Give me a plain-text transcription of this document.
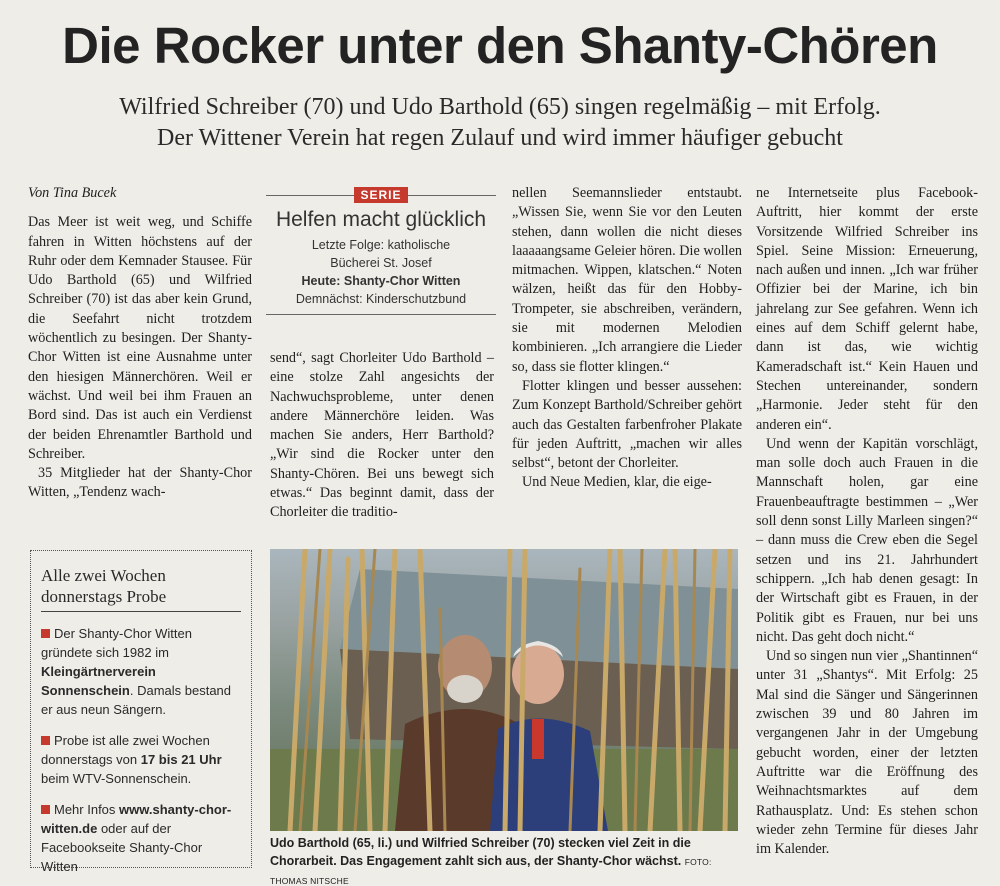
Die Rocker unter den Shanty-Chören
Wilfried Schreiber (70) und Udo Barthold (65) singen regelmäßig – mit Erfolg.
Der Wittener Verein hat regen Zulauf und wird immer häufiger gebucht

Von Tina Bucek

Das Meer ist weit weg, und Schiffe fahren in Witten höchstens auf der Ruhr oder dem Kemnader Stausee. Für Udo Barthold (65) und Wilfried Schreiber (70) ist das aber kein Grund, die Seefahrt nicht trotzdem wöchentlich zu besingen. Der Shanty-Chor Witten ist eine Ausnahme unter den hiesigen Männerchören. Weil er wächst. Und weil bei ihm Frauen an Bord sind. Das ist auch ein Verdienst der beiden Ehrenamtler Barthold und Schreiber.

35 Mitglieder hat der Shanty-Chor Witten, „Tendenz wach-

SERIE
Helfen macht glücklich
Letzte Folge: katholische Bücherei St. Josef
Heute: Shanty-Chor Witten
Demnächst: Kinderschutzbund

send“, sagt Chorleiter Udo Barthold – eine stolze Zahl angesichts der Nachwuchsprobleme, unter denen andere Männerchöre leiden. Was machen Sie anders, Herr Barthold? „Wir sind die Rocker unter den Shanty-Chören. Bei uns bewegt sich etwas.“ Das beginnt damit, dass der Chorleiter die traditio-

nellen Seemannslieder entstaubt. „Wissen Sie, wenn Sie vor den Leuten stehen, dann wollen die nicht dieses laaaaangsame Geleier hören. Die wollen mitmachen. Wippen, klatschen.“ Noten wälzen, heißt das für den Hobby-Trompeter, sie abschreiben, verändern, sie mit modernen Melodien kombinieren. „Ich arrangiere die Lieder so, dass sie flotter klingen.“

Flotter klingen und besser aussehen: Zum Konzept Barthold/Schreiber gehört auch das Gestalten farbenfroher Plakate für jeden Auftritt, „machen wir alles selbst“, betont der Chorleiter.

Und Neue Medien, klar, die eige-

ne Internetseite plus Facebook-Auftritt, hier kommt der erste Vorsitzende Wilfried Schreiber ins Spiel. Seine Mission: Erneuerung, nach außen und innen. „Ich war früher Offizier bei der Marine, ich bin jahrelang zur See gefahren. Wenn ich eines auf dem Schiff gelernt habe, dann ist das, wie wichtig Kameradschaft ist.“ Kein Hauen und Stechen untereinander, sondern „Harmonie. Jeder steht für den anderen ein“.

Und wenn der Kapitän vorschlägt, man solle doch auch Frauen in die Mannschaft holen, gar eine Frauenbeauftragte bestimmen – „Wer soll denn sonst Lilly Marleen singen?“ – dann muss die Crew eben die Segel setzen und ins 21. Jahrhundert schippern. „Ich hab denen gesagt: In der Wirtschaft gibt es Frauen, in der Politik gibt es Frauen, nur bei uns nicht. Das geht doch nicht.“

Und so singen nun vier „Shantinnen“ unter 31 „Shantys“. Mit Erfolg: 25 Mal sind die Sänger und Sängerinnen zwischen 39 und 80 Jahren im vergangenen Jahr in der Umgebung gebucht worden, einer der letzten Auftritte war die Eröffnung des Weihnachtsmarktes auf dem Rathausplatz. Und: Es stehen schon wieder zehn Termine für dieses Jahr im Kalender.

Alle zwei Wochen donnerstags Probe
Der Shanty-Chor Witten gründete sich 1982 im Kleingärtnerverein Sonnenschein. Damals bestand er aus neun Sängern.
Probe ist alle zwei Wochen donnerstags von 17 bis 21 Uhr beim WTV-Sonnenschein.
Mehr Infos www.shanty-chor-witten.de oder auf der Facebookseite Shanty-Chor Witten
Udo Barthold (65, li.) und Wilfried Schreiber (70) stecken viel Zeit in die Chorarbeit. Das Engagement zahlt sich aus, der Shanty-Chor wächst. FOTO: THOMAS NITSCHE
